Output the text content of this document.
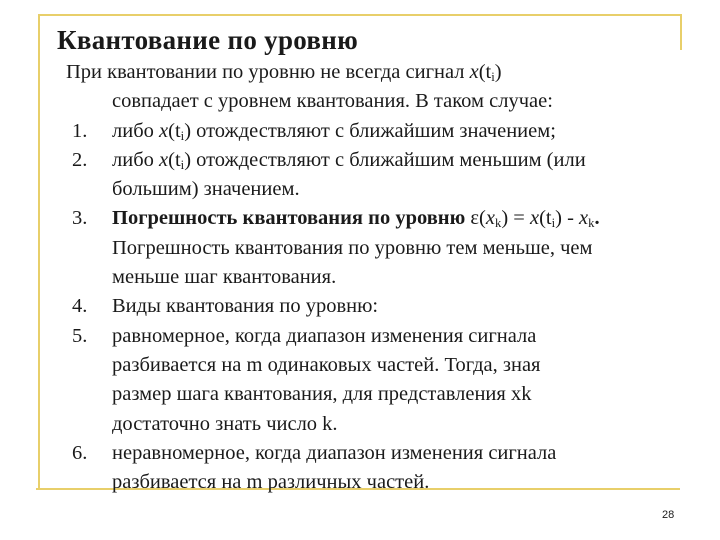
Квантование по уровню

При квантовании по уровню не всегда сигнал $x(t_i)$

совпадает с уровнем квантования. В таком случае:

1. либо $x(t_i)$ отождествляют с ближайшим значением;
2. либо $x(t_i)$ отождествляют с ближайшим меньшим (или
большим) значением.
3. Погрешность квантования по уровню $\varepsilon(x_k) = x(t_i) - x_k$.
Погрешность квантования по уровню тем меньше, чем
меньше шаг квантования.
4. Виды квантования по уровню:
5. равномерное, когда диапазон изменения сигнала
разбивается на m одинаковых частей. Тогда, зная
размер шага квантования, для представления xk
достаточно знать число k.
6. неравномерное, когда диапазон изменения сигнала
разбивается на m различных частей.
28
